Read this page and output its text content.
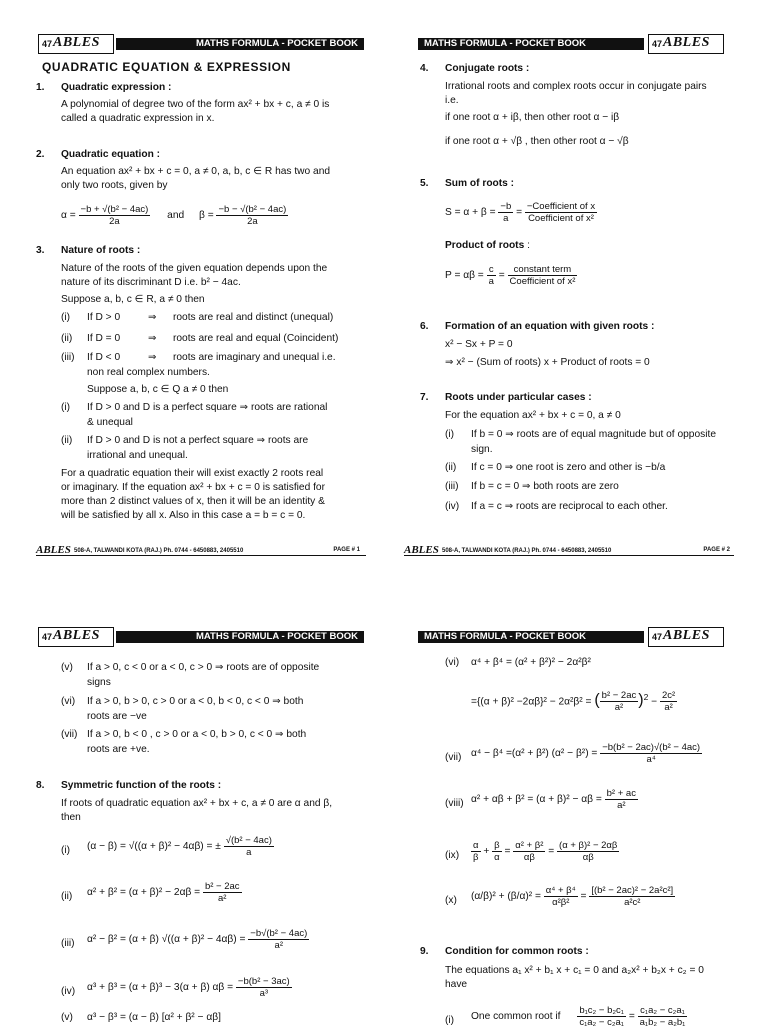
47 ABLES	MATHS FORMULA - POCKET BOOK
QUADRATIC EQUATION & EXPRESSION
1. Quadratic expression :
A polynomial of degree two of the form ax² + bx + c, a ≠ 0 is
called a quadratic expression in x.
2. Quadratic equation :
An equation ax² + bx + c = 0, a ≠ 0, a, b, c ∈ R has two and
only two roots, given by
$\alpha = \frac{\text{−b + √(b² − 4ac)}}{2a}$ and $\beta = \frac{\text{−b − √(b² − 4ac)}}{2a}$
3. Nature of roots :
Nature of the roots of the given equation depends upon the
nature of its discriminant D i.e. b² − 4ac.
Suppose a, b, c ∈ R, a ≠ 0 then
(i) If D > 0	⇒ roots are real and distinct (unequal)
(ii) If D = 0	⇒ roots are real and equal (Coincident)
(iii) If D < 0	⇒ roots are imaginary and unequal i.e.
non real complex numbers.
Suppose a, b, c ∈ Q a ≠ 0 then
(i) If D > 0 and D is a perfect square ⇒ roots are rational
& unequal
(ii) If D > 0 and D is not a perfect square ⇒ roots are
irrational and unequal.
For a quadratic equation their will exist exactly 2 roots real
or imaginary. If the equation ax² + bx + c = 0 is satisfied for
more than 2 distinct values of x, then it will be an identity &
will be satisfied by all x. Also in this case a = b = c = 0.
ABLES 508-A, TALWANDI KOTA (RAJ.) Ph. 0744 - 6450883, 2405510	PAGE # 1
MATHS FORMULA - POCKET BOOK	47 ABLES
4. Conjugate roots :
Irrational roots and complex roots occur in conjugate pairs
i.e.
if one root α + iβ, then other root α − iβ
if one root α + √β , then other root α − √β
5. Sum of roots :
$S = \alpha + \beta = \frac{-b}{a} = \frac{\text{−Coefficient of x}}{\text{Coefficient of x²}}$
Product of roots :
$P = \alpha\beta = \frac{c}{a} = \frac{\text{constant term}}{\text{Coefficient of x²}}$
6. Formation of an equation with given roots :
x² − Sx + P = 0
⇒ x² − (Sum of roots) x + Product of roots = 0
7. Roots under particular cases :
For the equation ax² + bx + c = 0, a ≠ 0
(i) If b = 0 ⇒ roots are of equal magnitude but of opposite
sign.
(ii) If c = 0 ⇒ one root is zero and other is −b/a
(iii) If b = c = 0 ⇒ both roots are zero
(iv) If a = c ⇒ roots are reciprocal to each other.
ABLES 508-A, TALWANDI KOTA (RAJ.) Ph. 0744 - 6450883, 2405510	PAGE # 2
47 ABLES	MATHS FORMULA - POCKET BOOK
(v) If a > 0, c < 0 or a < 0, c > 0 ⇒ roots are of opposite
signs
(vi) If a > 0, b > 0, c > 0 or a < 0, b < 0, c < 0 ⇒ both
roots are −ve
(vii) If a > 0, b < 0 , c > 0 or a < 0, b > 0, c < 0 ⇒ both
roots are +ve.
8. Symmetric function of the roots :
If roots of quadratic equation ax² + bx + c, a ≠ 0 are α and β,
then
(i) (α − β) = √((α + β)² − 4αβ) = ± $\frac{\text{√(b² − 4ac)}}{a}$
(ii) $\alpha^2 + \beta^2 = (\alpha + \beta)^2 - 2\alpha\beta = \frac{\text{b² − 2ac}}{\text{a²}}$
(iii) α² − β² = (α + β) $√((\alpha + \beta)^2 - 4\alpha\beta) = \frac{\text{−b√(b² − 4ac)}}{\text{a²}}$
(iv) α³ + β³ = (α + β)³ − 3(α + β) $\alpha\beta = \frac{\text{−b(b² − 3ac)}}{\text{a³}}$
(v) α³ − β³ = (α − β) [α² + β² − αβ]
MATHS FORMULA - POCKET BOOK	47 ABLES
(vi) α⁴ + β⁴ = (α² + β²)² − 2α²β²
={(α + β)² −2αβ}² − 2α²β² = ( $\frac{\text{b² − 2ac}}{\text{a²}} )^2 - \frac{\text{2c²}}{\text{a²}}$
(vii) α⁴ − β⁴ =(α² + β²) $(\alpha^2 - \beta^2) = \frac{\text{−b(b² − 2ac)√(b² − 4ac)}}{\text{a⁴}}$
(viii) $\alpha^2 + \alpha\beta + \beta^2 = (\alpha + \beta)^2 - \alpha\beta = \frac{\text{b² + ac}}{\text{a²}}$
$(ix) \frac{\alpha}{\beta} + \frac{\beta}{\alpha} = \frac{\text{α² + β²}}{\alpha\beta} = \frac{\text{(α + β)² − 2αβ}}{\alpha\beta}$
(x) $(\alpha/\beta)^2 + (\beta/\alpha)^2 = \frac{\text{α⁴ + β⁴}}{\text{α²β²}} = \frac{\text{[(b² − 2ac)² − 2a²c²]}}{\text{a²c²}}$
9. Condition for common roots :
The equations a₁ x² + b₁ x + c₁ = 0 and a₂x² + b₂x + c₂ = 0
have
(i) One common root if $\frac{\text{b₁c₂ − b₂c₁}}{\text{c₁a₂ − c₂a₁}} = \frac{\text{c₁a₂ − c₂a₁}}{\text{a₁b₂ − a₂b₁}}$
